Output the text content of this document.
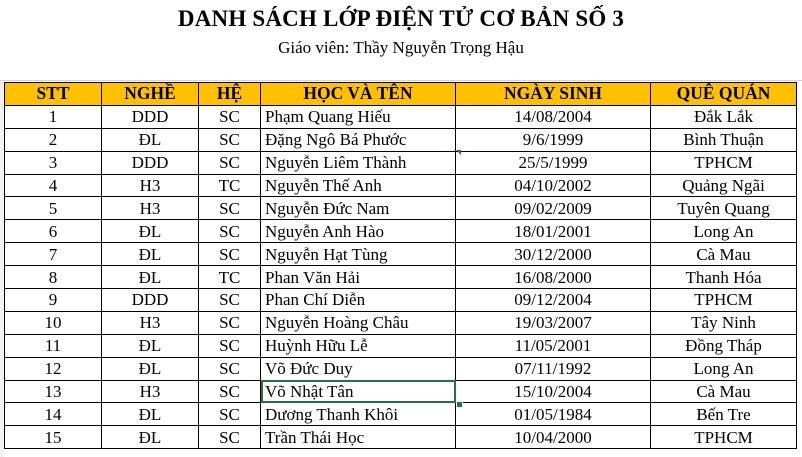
DANH SÁCH LỚP ĐIỆN TỬ CƠ BẢN SỐ 3
Giáo viên: Thầy Nguyễn Trọng Hậu
STT	NGHỀ	HỆ	HỌC VÀ TÊN	NGÀY SINH	QUÊ QUÁN
1	DDD	SC	Phạm Quang Hiếu	14/08/2004	Đắk Lắk
2	ĐL	SC	Đặng Ngô Bá Phước	9/6/1999	Bình Thuận
3	DDD	SC	Nguyễn Liêm Thành	25/5/1999	TPHCM
4	H3	TC	Nguyễn Thế Anh	04/10/2002	Quảng Ngãi
5	H3	SC	Nguyễn Đức Nam	09/02/2009	Tuyên Quang
6	ĐL	SC	Nguyễn Anh Hào	18/01/2001	Long An
7	ĐL	SC	Nguyễn Hạt Tùng	30/12/2000	Cà Mau
8	ĐL	TC	Phan Văn Hải	16/08/2000	Thanh Hóa
9	DDD	SC	Phan Chí Diễn	09/12/2004	TPHCM
10	H3	SC	Nguyễn Hoàng Châu	19/03/2007	Tây Ninh
11	ĐL	SC	Huỳnh Hữu Lễ	11/05/2001	Đồng Tháp
12	ĐL	SC	Võ Đức Duy	07/11/1992	Long An
13	H3	SC	Võ Nhật Tân	15/10/2004	Cà Mau
14	ĐL	SC	Dương Thanh Khôi	01/05/1984	Bến Tre
15	ĐL	SC	Trần Thái Học	10/04/2000	TPHCM
